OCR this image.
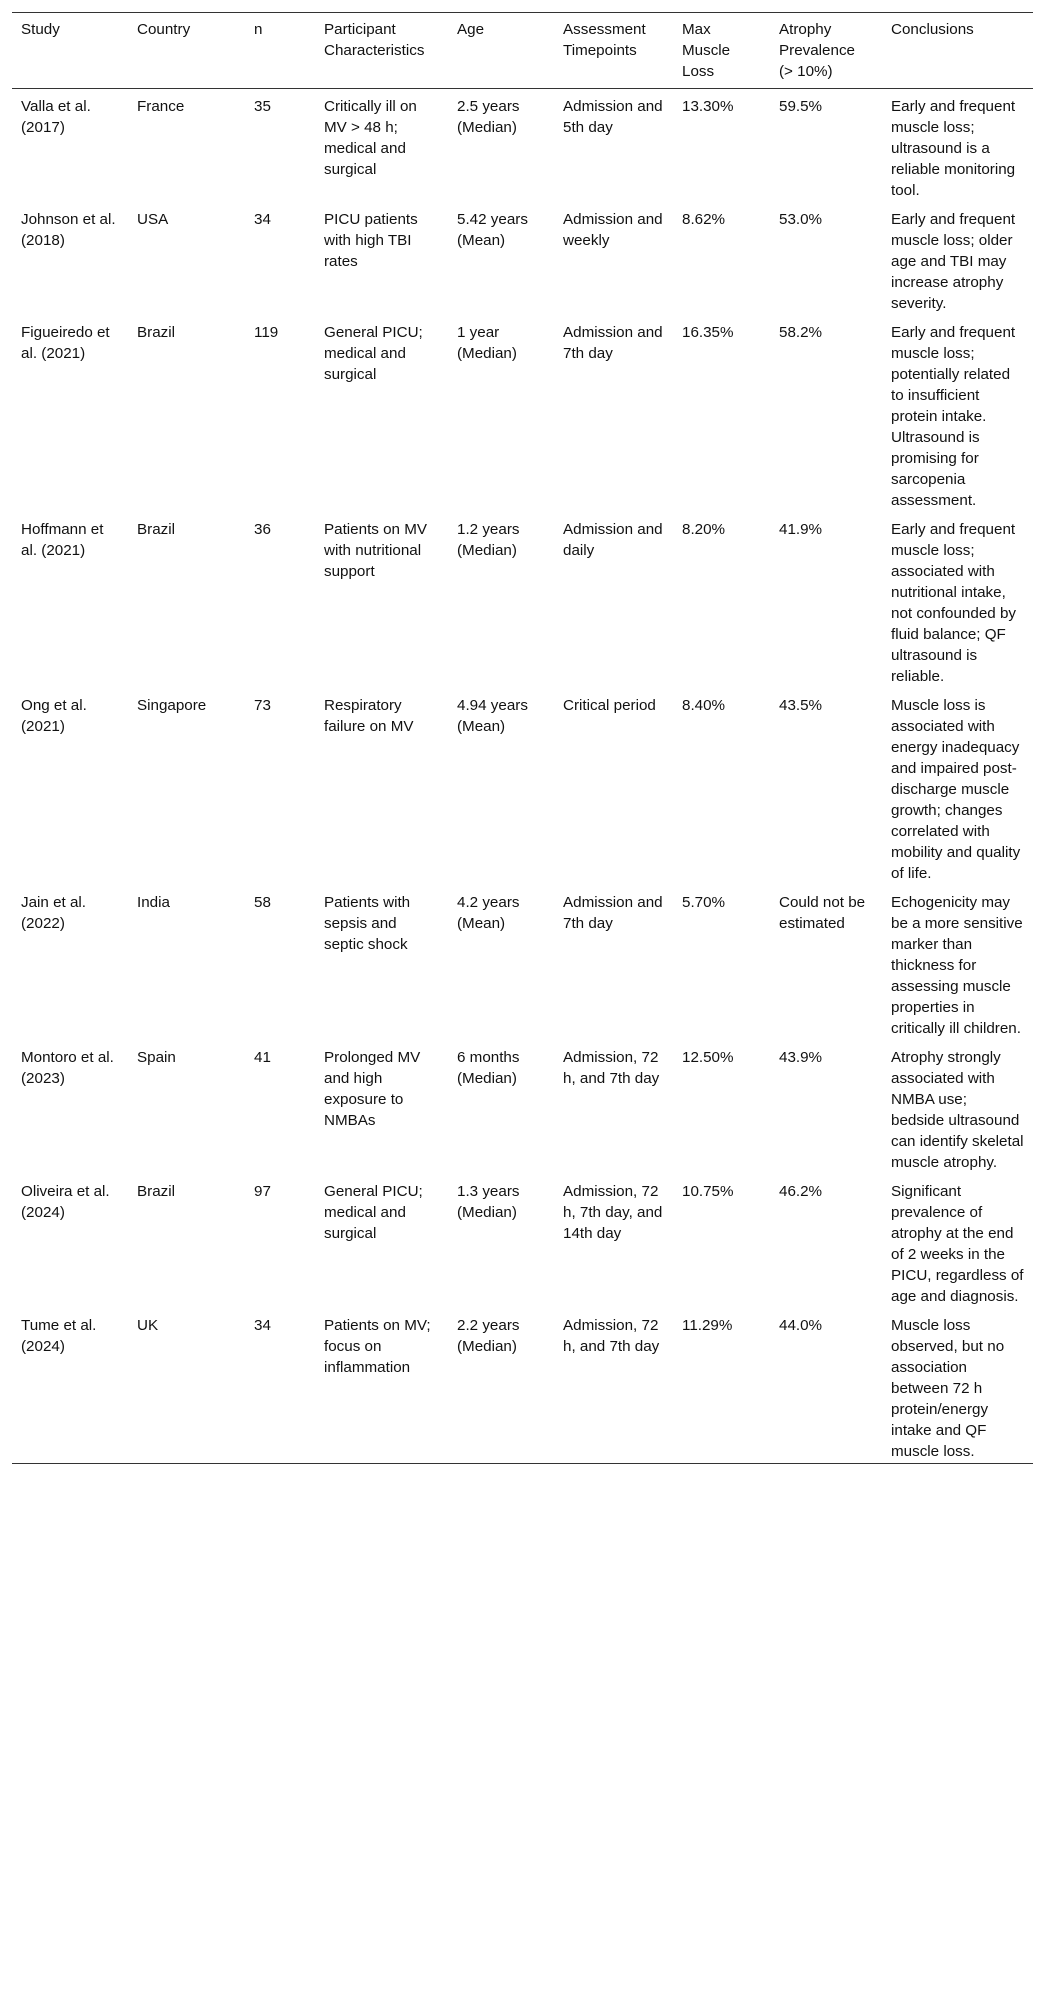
Study	Country	n	Participant Characteristics	Age	Assessment Timepoints	Max Muscle Loss	Atrophy Prevalence (> 10%)	Conclusions
Valla et al. (2017)	France	35	Critically ill on MV > 48 h; medical and surgical	2.5 years (Median)	Admission and 5th day	13.30%	59.5%	Early and frequent muscle loss; ultrasound is a reliable monitoring tool.
Johnson et al. (2018)	USA	34	PICU patients with high TBI rates	5.42 years (Mean)	Admission and weekly	8.62%	53.0%	Early and frequent muscle loss; older age and TBI may increase atrophy severity.
Figueiredo et al. (2021)	Brazil	119	General PICU; medical and surgical	1 year (Median)	Admission and 7th day	16.35%	58.2%	Early and frequent muscle loss; potentially related to insufficient protein intake. Ultrasound is promising for sarcopenia assessment.
Hoffmann et al. (2021)	Brazil	36	Patients on MV with nutritional support	1.2 years (Median)	Admission and daily	8.20%	41.9%	Early and frequent muscle loss; associated with nutritional intake, not confounded by fluid balance; QF ultrasound is reliable.
Ong et al. (2021)	Singapore	73	Respiratory failure on MV	4.94 years (Mean)	Critical period	8.40%	43.5%	Muscle loss is associated with energy inadequacy and impaired post-discharge muscle growth; changes correlated with mobility and quality of life.
Jain et al. (2022)	India	58	Patients with sepsis and septic shock	4.2 years (Mean)	Admission and 7th day	5.70%	Could not be estimated	Echogenicity may be a more sensitive marker than thickness for assessing muscle properties in critically ill children.
Montoro et al. (2023)	Spain	41	Prolonged MV and high exposure to NMBAs	6 months (Median)	Admission, 72 h, and 7th day	12.50%	43.9%	Atrophy strongly associated with NMBA use; bedside ultrasound can identify skeletal muscle atrophy.
Oliveira et al. (2024)	Brazil	97	General PICU; medical and surgical	1.3 years (Median)	Admission, 72 h, 7th day, and 14th day	10.75%	46.2%	Significant prevalence of atrophy at the end of 2 weeks in the PICU, regardless of age and diagnosis.
Tume et al. (2024)	UK	34	Patients on MV; focus on inflammation	2.2 years (Median)	Admission, 72 h, and 7th day	11.29%	44.0%	Muscle loss observed, but no association between 72 h protein/energy intake and QF muscle loss.
